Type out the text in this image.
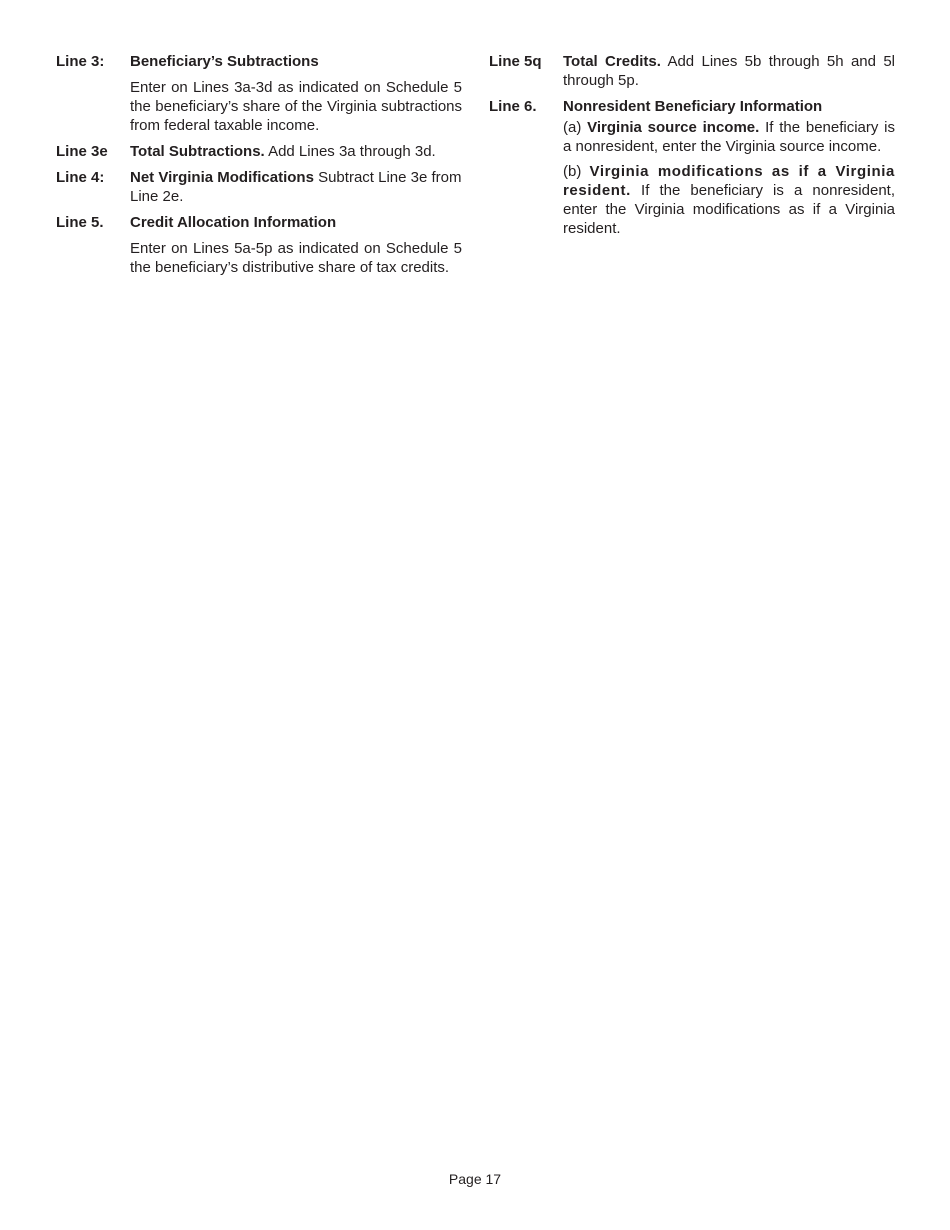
Line 3:	Beneficiary’s Subtractions
Enter on Lines 3a-3d as indicated on Schedule 5 the beneficiary’s share of the Virginia subtractions from federal taxable income.
Line 3e	Total Subtractions. Add Lines 3a through 3d.
Line 4:	Net Virginia Modifications Subtract Line 3e from Line 2e.
Line 5.	Credit Allocation Information
Enter on Lines 5a-5p as indicated on Schedule 5 the beneficiary’s distributive share of tax credits.
Line 5q	Total Credits. Add Lines 5b through 5h and 5l through 5p.
Line 6.	Nonresident Beneficiary Information
(a) Virginia source income. If the beneficiary is a nonresident, enter the Virginia source income.
(b) Virginia modifications as if a Virginia resident. If the beneficiary is a nonresident, enter the Virginia modifications as if a Virginia resident.
Page 17
